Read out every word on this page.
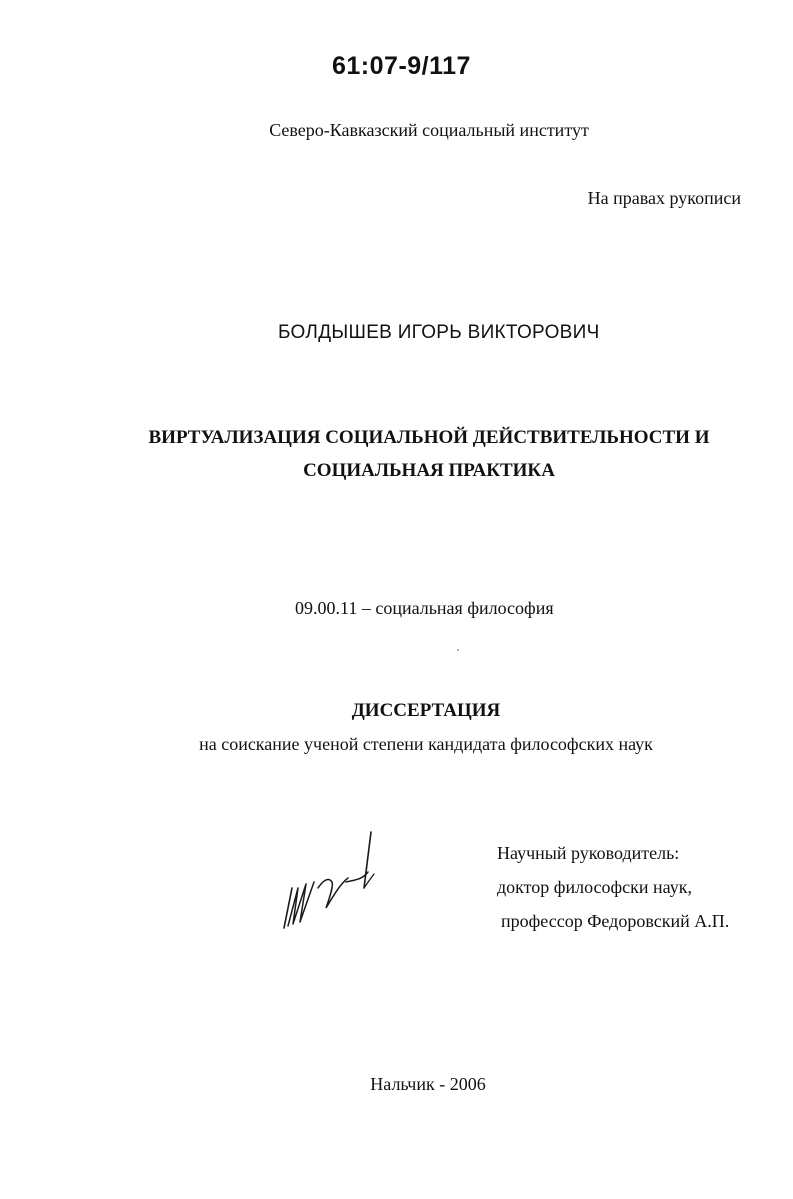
61:07-9/117
Северо-Кавказский социальный институт
На правах рукописи
БОЛДЫШЕВ ИГОРЬ ВИКТОРОВИЧ
ВИРТУАЛИЗАЦИЯ СОЦИАЛЬНОЙ ДЕЙСТВИТЕЛЬНОСТИ И
СОЦИАЛЬНАЯ ПРАКТИКА
09.00.11 – социальная философия
ДИССЕРТАЦИЯ
на соискание ученой степени кандидата философских наук
Научный руководитель:
доктор философски наук,
профессор Федоровский А.П.
Нальчик - 2006
